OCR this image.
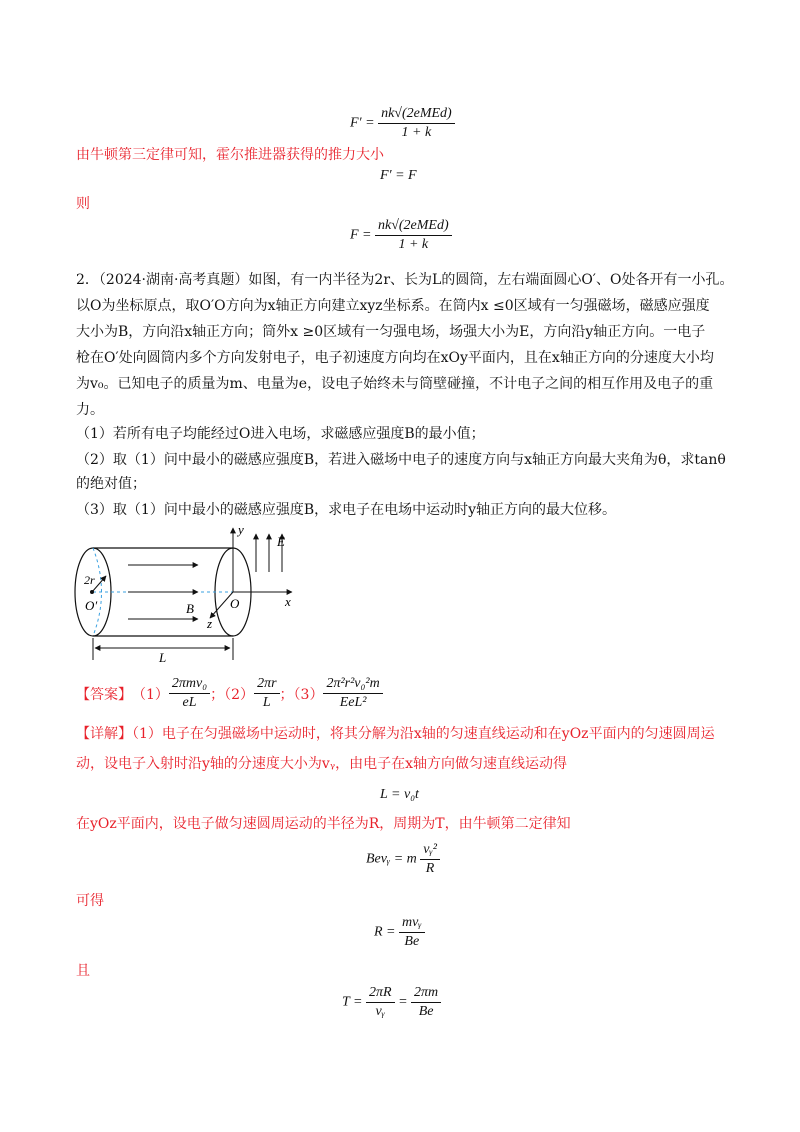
$F' = \frac{\text{nk√(2eMEd)}}{1 + k}$
由牛顿第三定律可知，霍尔推进器获得的推力大小
F′ = F
则
$F = \frac{\text{nk√(2eMEd)}}{1 + k}$
2．（2024·湖南·高考真题）如图，有一内半径为2r、长为L的圆筒，左右端面圆心O′、O处各开有一小孔。
以O为坐标原点，取O′O方向为x轴正方向建立xyz坐标系。在筒内x ≤0区域有一匀强磁场，磁感应强度
大小为B，方向沿x轴正方向；筒外x ≥0区域有一匀强电场，场强大小为E，方向沿y轴正方向。一电子
枪在O′处向圆筒内多个方向发射电子，电子初速度方向均在xOy平面内，且在x轴正方向的分速度大小均
为v₀。已知电子的质量为m、电量为e，设电子始终未与筒壁碰撞，不计电子之间的相互作用及电子的重
力。
（1）若所有电子均能经过O进入电场，求磁感应强度B的最小值；
（2）取（1）问中最小的磁感应强度B，若进入磁场中电子的速度方向与x轴正方向最大夹角为θ，求tanθ
的绝对值；
（3）取（1）问中最小的磁感应强度B，求电子在电场中运动时y轴正方向的最大位移。
y
E
2r
O′	B	O	x
z
L
【答案】 $(1) \frac{\text{2πmv₀}}{eL}$ ；$(2) \frac{2\pi r}{L}$ ；$(3) \frac{\text{2π²r²v₀²m}}{\text{EeL²}}$
【详解】（1）电子在匀强磁场中运动时，将其分解为沿x轴的匀速直线运动和在yOz平面内的匀速圆周运
动，设电子入射时沿y轴的分速度大小为vᵧ，由电子在x轴方向做匀速直线运动得
L = v₀t
在yOz平面内，设电子做匀速圆周运动的半径为R，周期为T，由牛顿第二定律知
Bevᵧ = m $\frac{\text{vᵧ²}}{R}$
可得
$R = \frac{\text{mvᵧ}}{Be}$
且
$T = \frac{2\pi R}{\text{vᵧ}} = \frac{2\pi m}{Be}$
